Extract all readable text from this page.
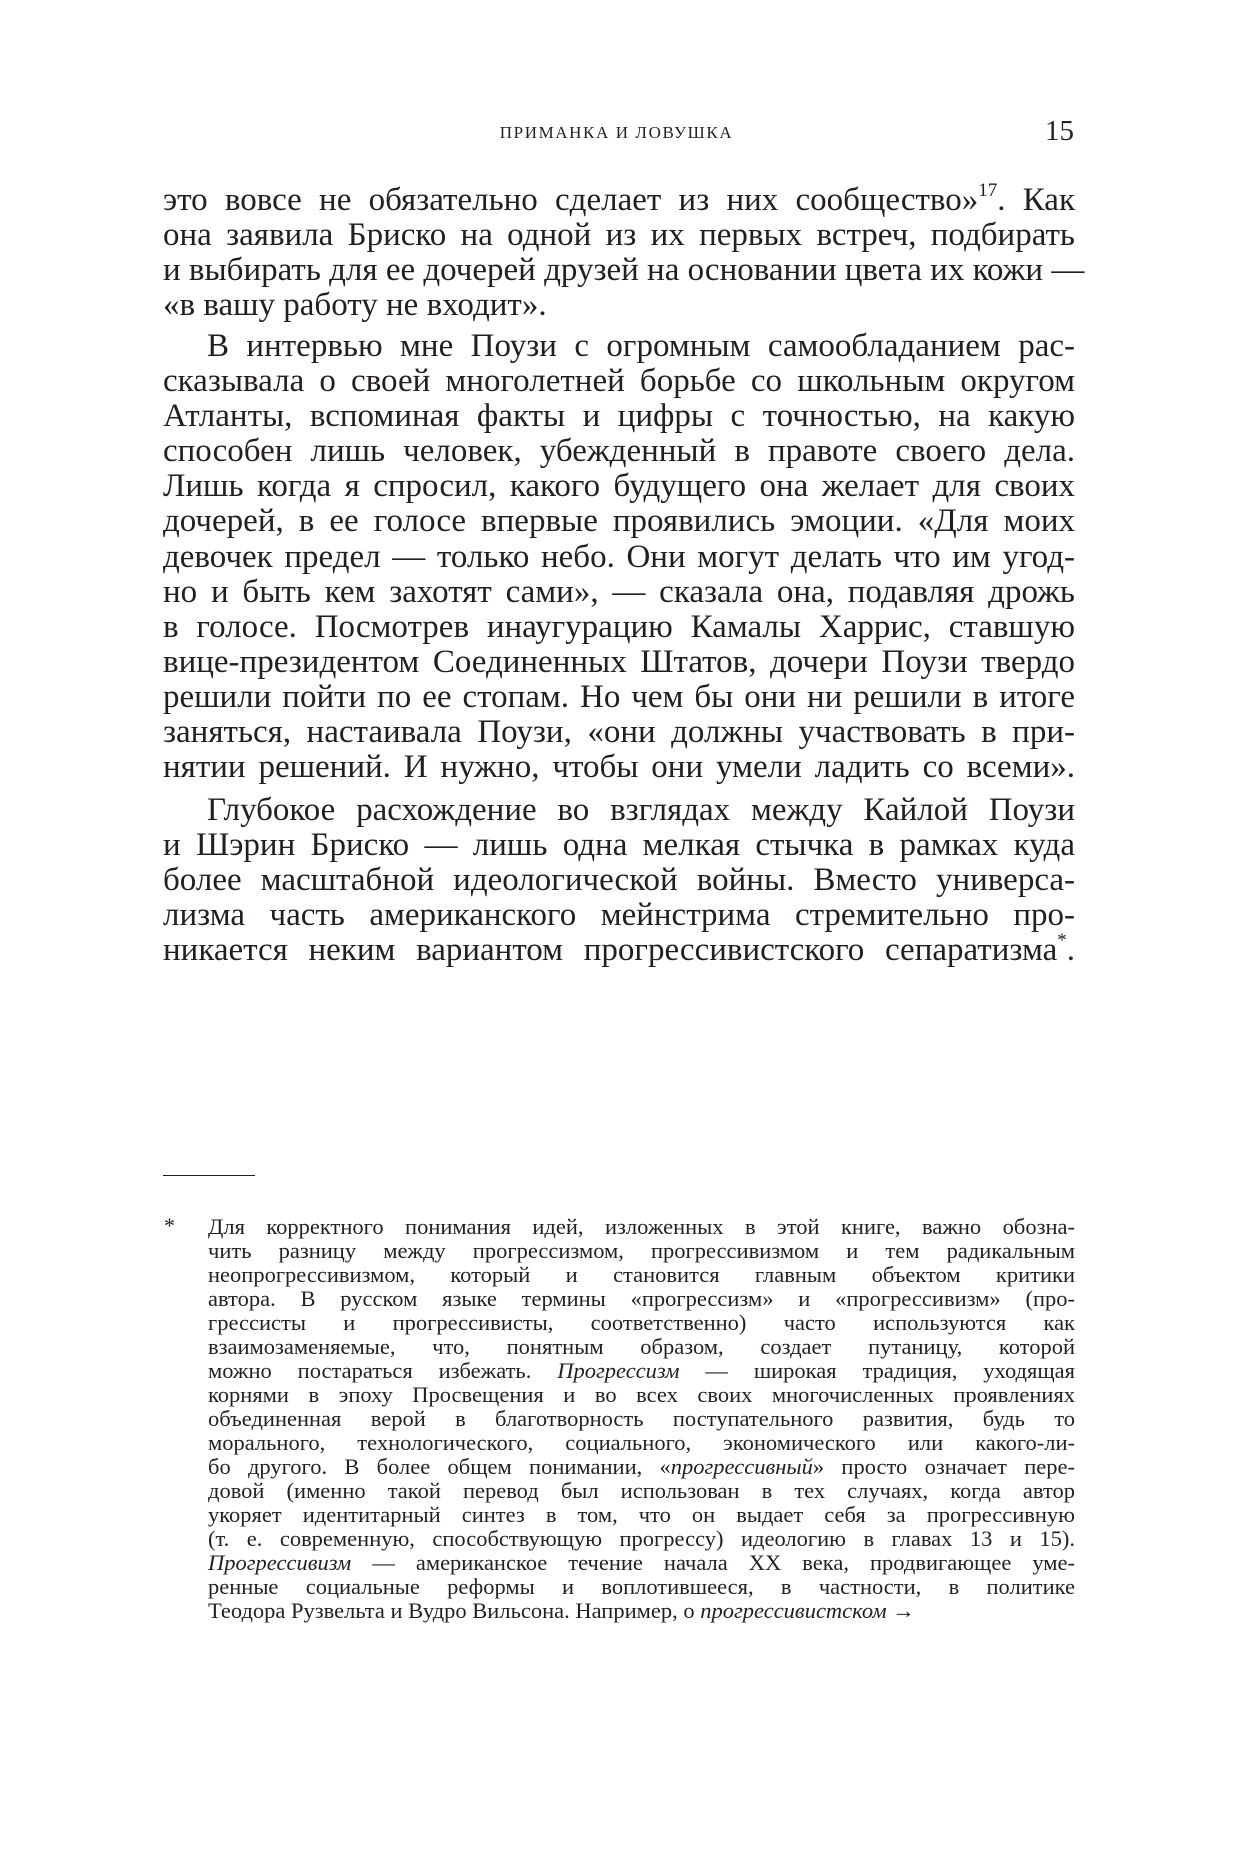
ПРИМАНКА И ЛОВУШКА	15
это вовсе не обязательно сделает из них сообщество»$^{17}$. Как
она заявила Бриско на одной из их первых встреч, подбирать
и выбирать для ее дочерей друзей на основании цвета их кожи —
«в вашу работу не входит».
В интервью мне Поузи с огромным самообладанием рас-
сказывала о своей многолетней борьбе со школьным округом
Атланты, вспоминая факты и цифры с точностью, на какую
способен лишь человек, убежденный в правоте своего дела.
Лишь когда я спросил, какого будущего она желает для своих
дочерей, в ее голосе впервые проявились эмоции. «Для моих
девочек предел — только небо. Они могут делать что им угод-
но и быть кем захотят сами», — сказала она, подавляя дрожь
в голосе. Посмотрев инаугурацию Камалы Харрис, ставшую
вице-президентом Соединенных Штатов, дочери Поузи твердо
решили пойти по ее стопам. Но чем бы они ни решили в итоге
заняться, настаивала Поузи, «они должны участвовать в при-
нятии решений. И нужно, чтобы они умели ладить со всеми».
Глубокое расхождение во взглядах между Кайлой Поузи
и Шэрин Бриско — лишь одна мелкая стычка в рамках куда
более масштабной идеологической войны. Вместо универса-
лизма часть американского мейнстрима стремительно про-
никается неким вариантом прогрессивистского сепаратизма*.
* Для корректного понимания идей, изложенных в этой книге, важно обозна-
чить разницу между прогрессизмом, прогрессивизмом и тем радикальным
неопрогрессивизмом, который и становится главным объектом критики
автора. В русском языке термины «прогрессизм» и «прогрессивизм» (про-
грессисты и прогрессивисты, соответственно) часто используются как
взаимозаменяемые, что, понятным образом, создает путаницу, которой
можно постараться избежать. Прогрессизм — широкая традиция, уходящая
корнями в эпоху Просвещения и во всех своих многочисленных проявлениях
объединенная верой в благотворность поступательного развития, будь то
морального, технологического, социального, экономического или какого-ли-
бо другого. В более общем понимании, «прогрессивный» просто означает пере-
довой (именно такой перевод был использован в тех случаях, когда автор
укоряет идентитарный синтез в том, что он выдает себя за прогрессивную
(т. е. современную, способствующую прогрессу) идеологию в главах 13 и 15).
Прогрессивизм — американское течение начала XX века, продвигающее уме-
ренные социальные реформы и воплотившееся, в частности, в политике
Теодора Рузвельта и Вудро Вильсона. Например, о прогрессивистском →
